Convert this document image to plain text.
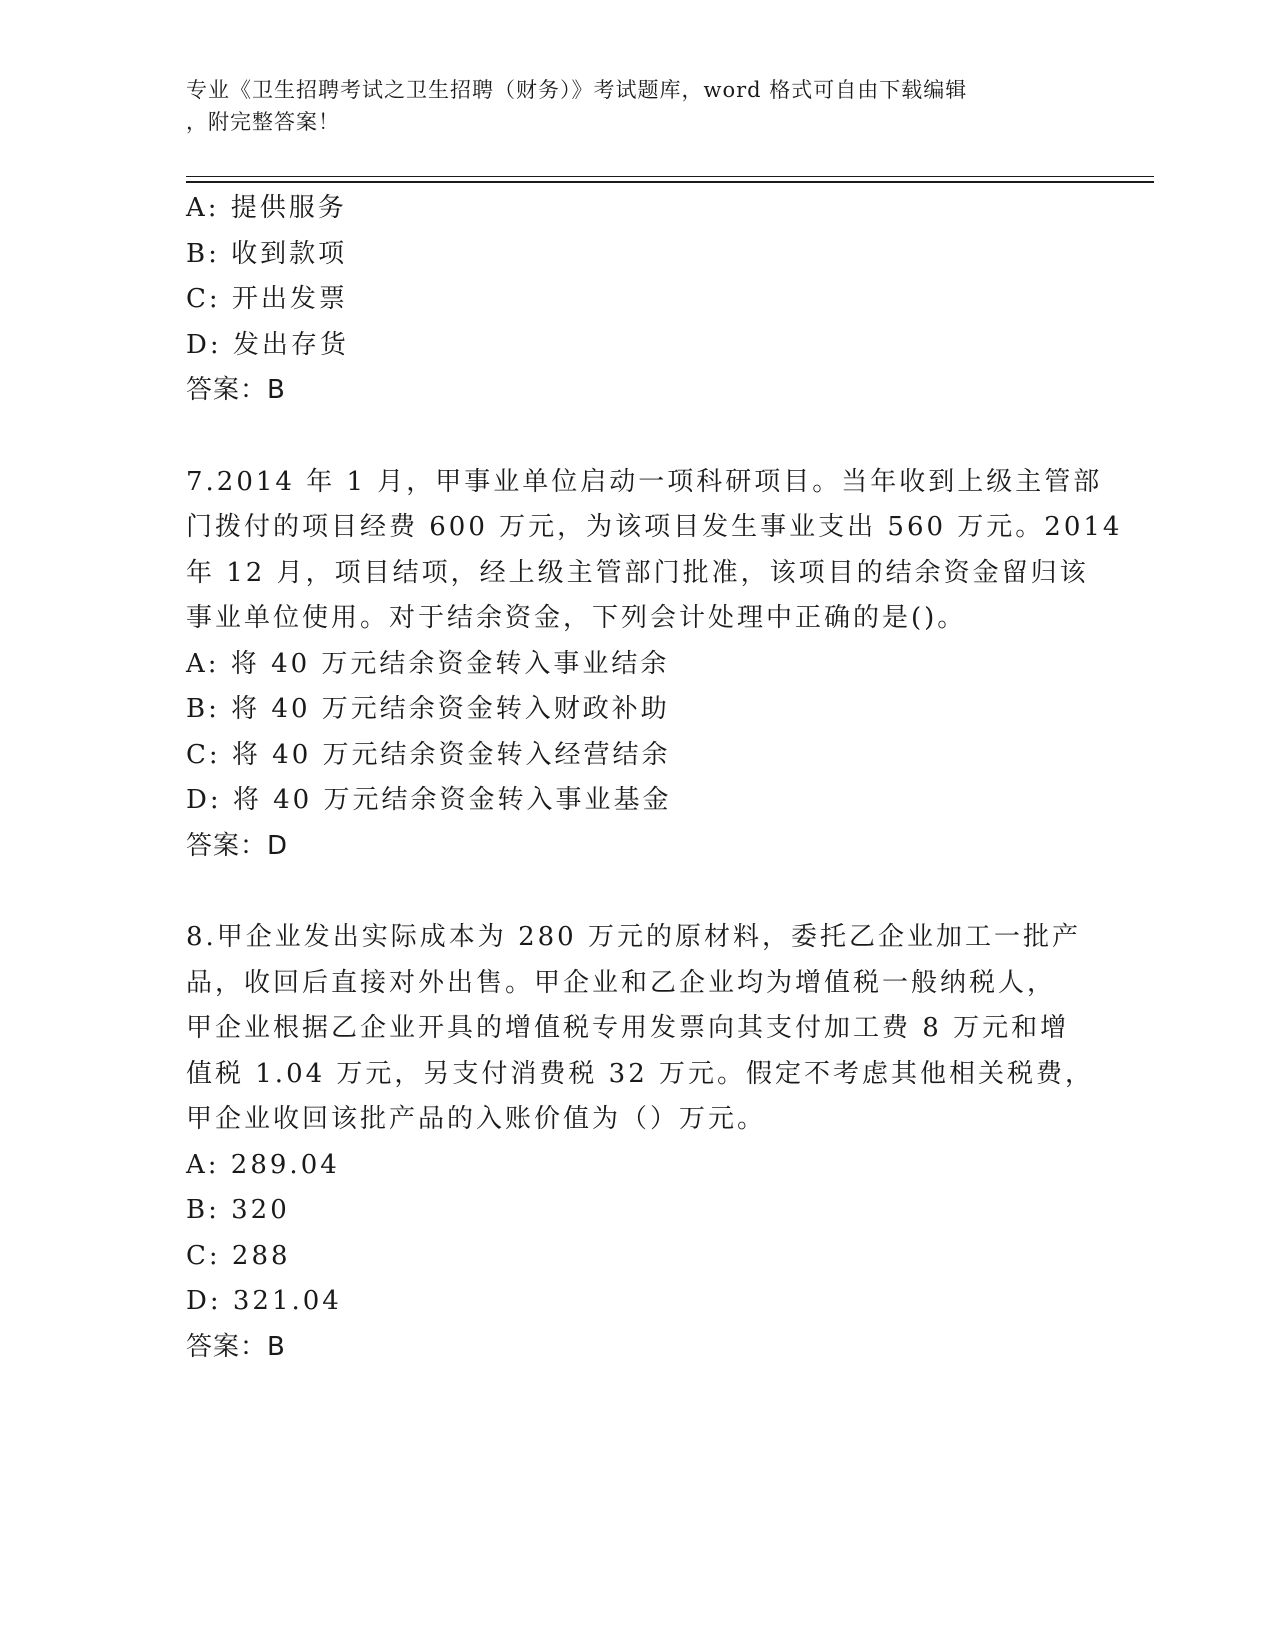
专业《卫生招聘考试之卫生招聘（财务）》考试题库，word 格式可自由下载编辑
，附完整答案！
A: 提供服务
B: 收到款项
C: 开出发票
D: 发出存货
答案：B
7.2014 年 1 月，甲事业单位启动一项科研项目。当年收到上级主管部
门拨付的项目经费 600 万元，为该项目发生事业支出 560 万元。2014
年 12 月，项目结项，经上级主管部门批准，该项目的结余资金留归该
事业单位使用。对于结余资金，下列会计处理中正确的是()。
A: 将 40 万元结余资金转入事业结余
B: 将 40 万元结余资金转入财政补助
C: 将 40 万元结余资金转入经营结余
D: 将 40 万元结余资金转入事业基金
答案：D
8.甲企业发出实际成本为 280 万元的原材料，委托乙企业加工一批产
品，收回后直接对外出售。甲企业和乙企业均为增值税一般纳税人，
甲企业根据乙企业开具的增值税专用发票向其支付加工费 8 万元和增
值税 1.04 万元，另支付消费税 32 万元。假定不考虑其他相关税费，
甲企业收回该批产品的入账价值为（）万元。
A: 289.04
B: 320
C: 288
D: 321.04
答案：B
